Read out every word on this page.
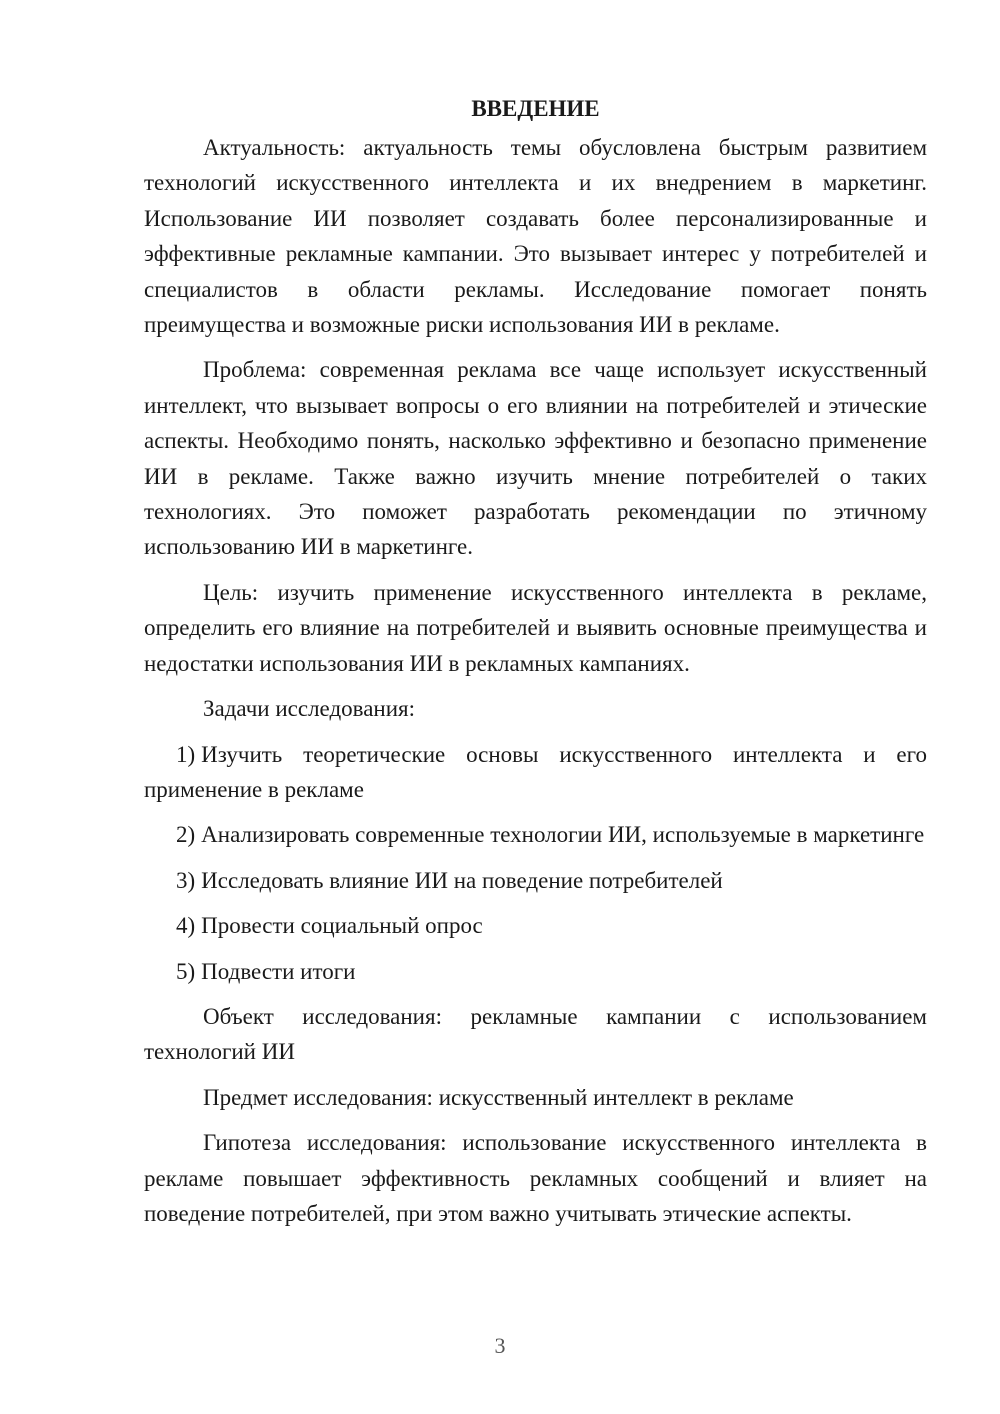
ВВЕДЕНИЕ
Актуальность: актуальность темы обусловлена быстрым развитием технологий искусственного интеллекта и их внедрением в маркетинг. Использование ИИ позволяет создавать более персонализированные и эффективные рекламные кампании. Это вызывает интерес у потребителей и специалистов в области рекламы. Исследование помогает понять преимущества и возможные риски использования ИИ в рекламе.
Проблема: современная реклама все чаще использует искусственный интеллект, что вызывает вопросы о его влиянии на потребителей и этические аспекты. Необходимо понять, насколько эффективно и безопасно применение ИИ в рекламе. Также важно изучить мнение потребителей о таких технологиях. Это поможет разработать рекомендации по этичному использованию ИИ в маркетинге.
Цель: изучить применение искусственного интеллекта в рекламе, определить его влияние на потребителей и выявить основные преимущества и недостатки использования ИИ в рекламных кампаниях.
Задачи исследования:
1) Изучить теоретические основы искусственного интеллекта и его применение в рекламе
2) Анализировать современные технологии ИИ, используемые в маркетинге
3) Исследовать влияние ИИ на поведение потребителей
4) Провести социальный опрос
5) Подвести итоги
Объект исследования: рекламные кампании с использованием технологий ИИ
Предмет исследования: искусственный интеллект в рекламе
Гипотеза исследования: использование искусственного интеллекта в рекламе повышает эффективность рекламных сообщений и влияет на поведение потребителей, при этом важно учитывать этические аспекты.
3
